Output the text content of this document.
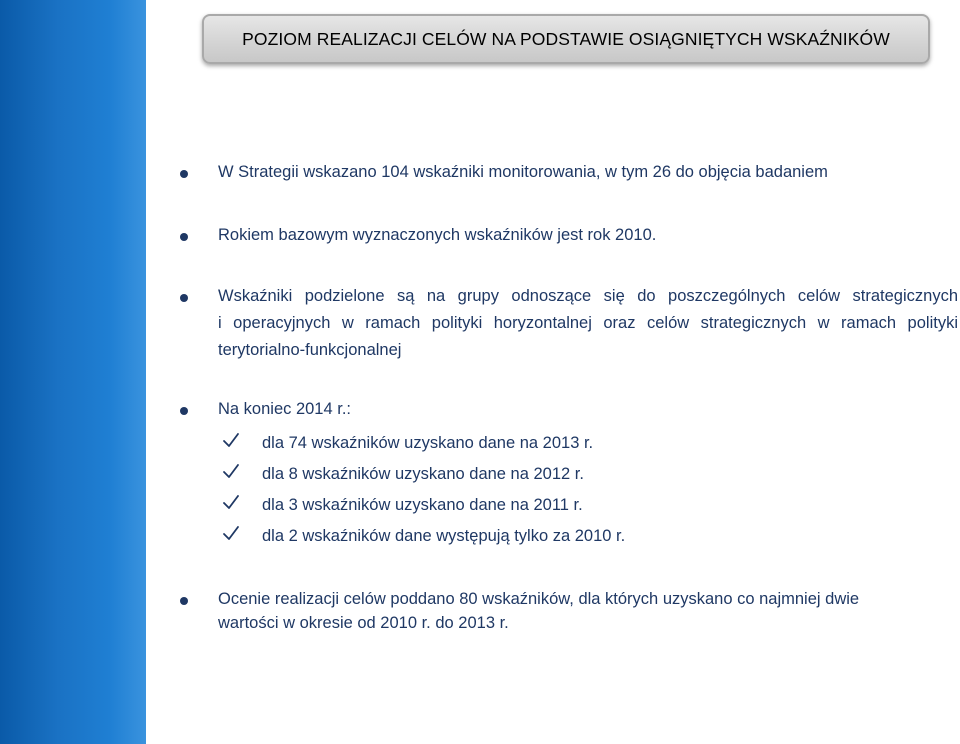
POZIOM REALIZACJI CELÓW NA PODSTAWIE OSIĄGNIĘTYCH WSKAŹNIKÓW
W Strategii wskazano 104 wskaźniki monitorowania, w tym 26 do objęcia badaniem
Rokiem bazowym wyznaczonych wskaźników jest rok 2010.
Wskaźniki podzielone są na grupy odnoszące się do poszczególnych celów strategicznych
i operacyjnych w ramach polityki horyzontalnej oraz celów strategicznych w ramach polityki
terytorialno-funkcjonalnej
Na koniec 2014 r.:
dla 74 wskaźników uzyskano dane na 2013 r.
dla 8 wskaźników uzyskano dane na 2012 r.
dla 3 wskaźników uzyskano dane na 2011 r.
dla 2 wskaźników dane występują tylko za 2010 r.
Ocenie realizacji celów poddano 80 wskaźników, dla których uzyskano co najmniej dwie
wartości w okresie od 2010 r. do 2013 r.
